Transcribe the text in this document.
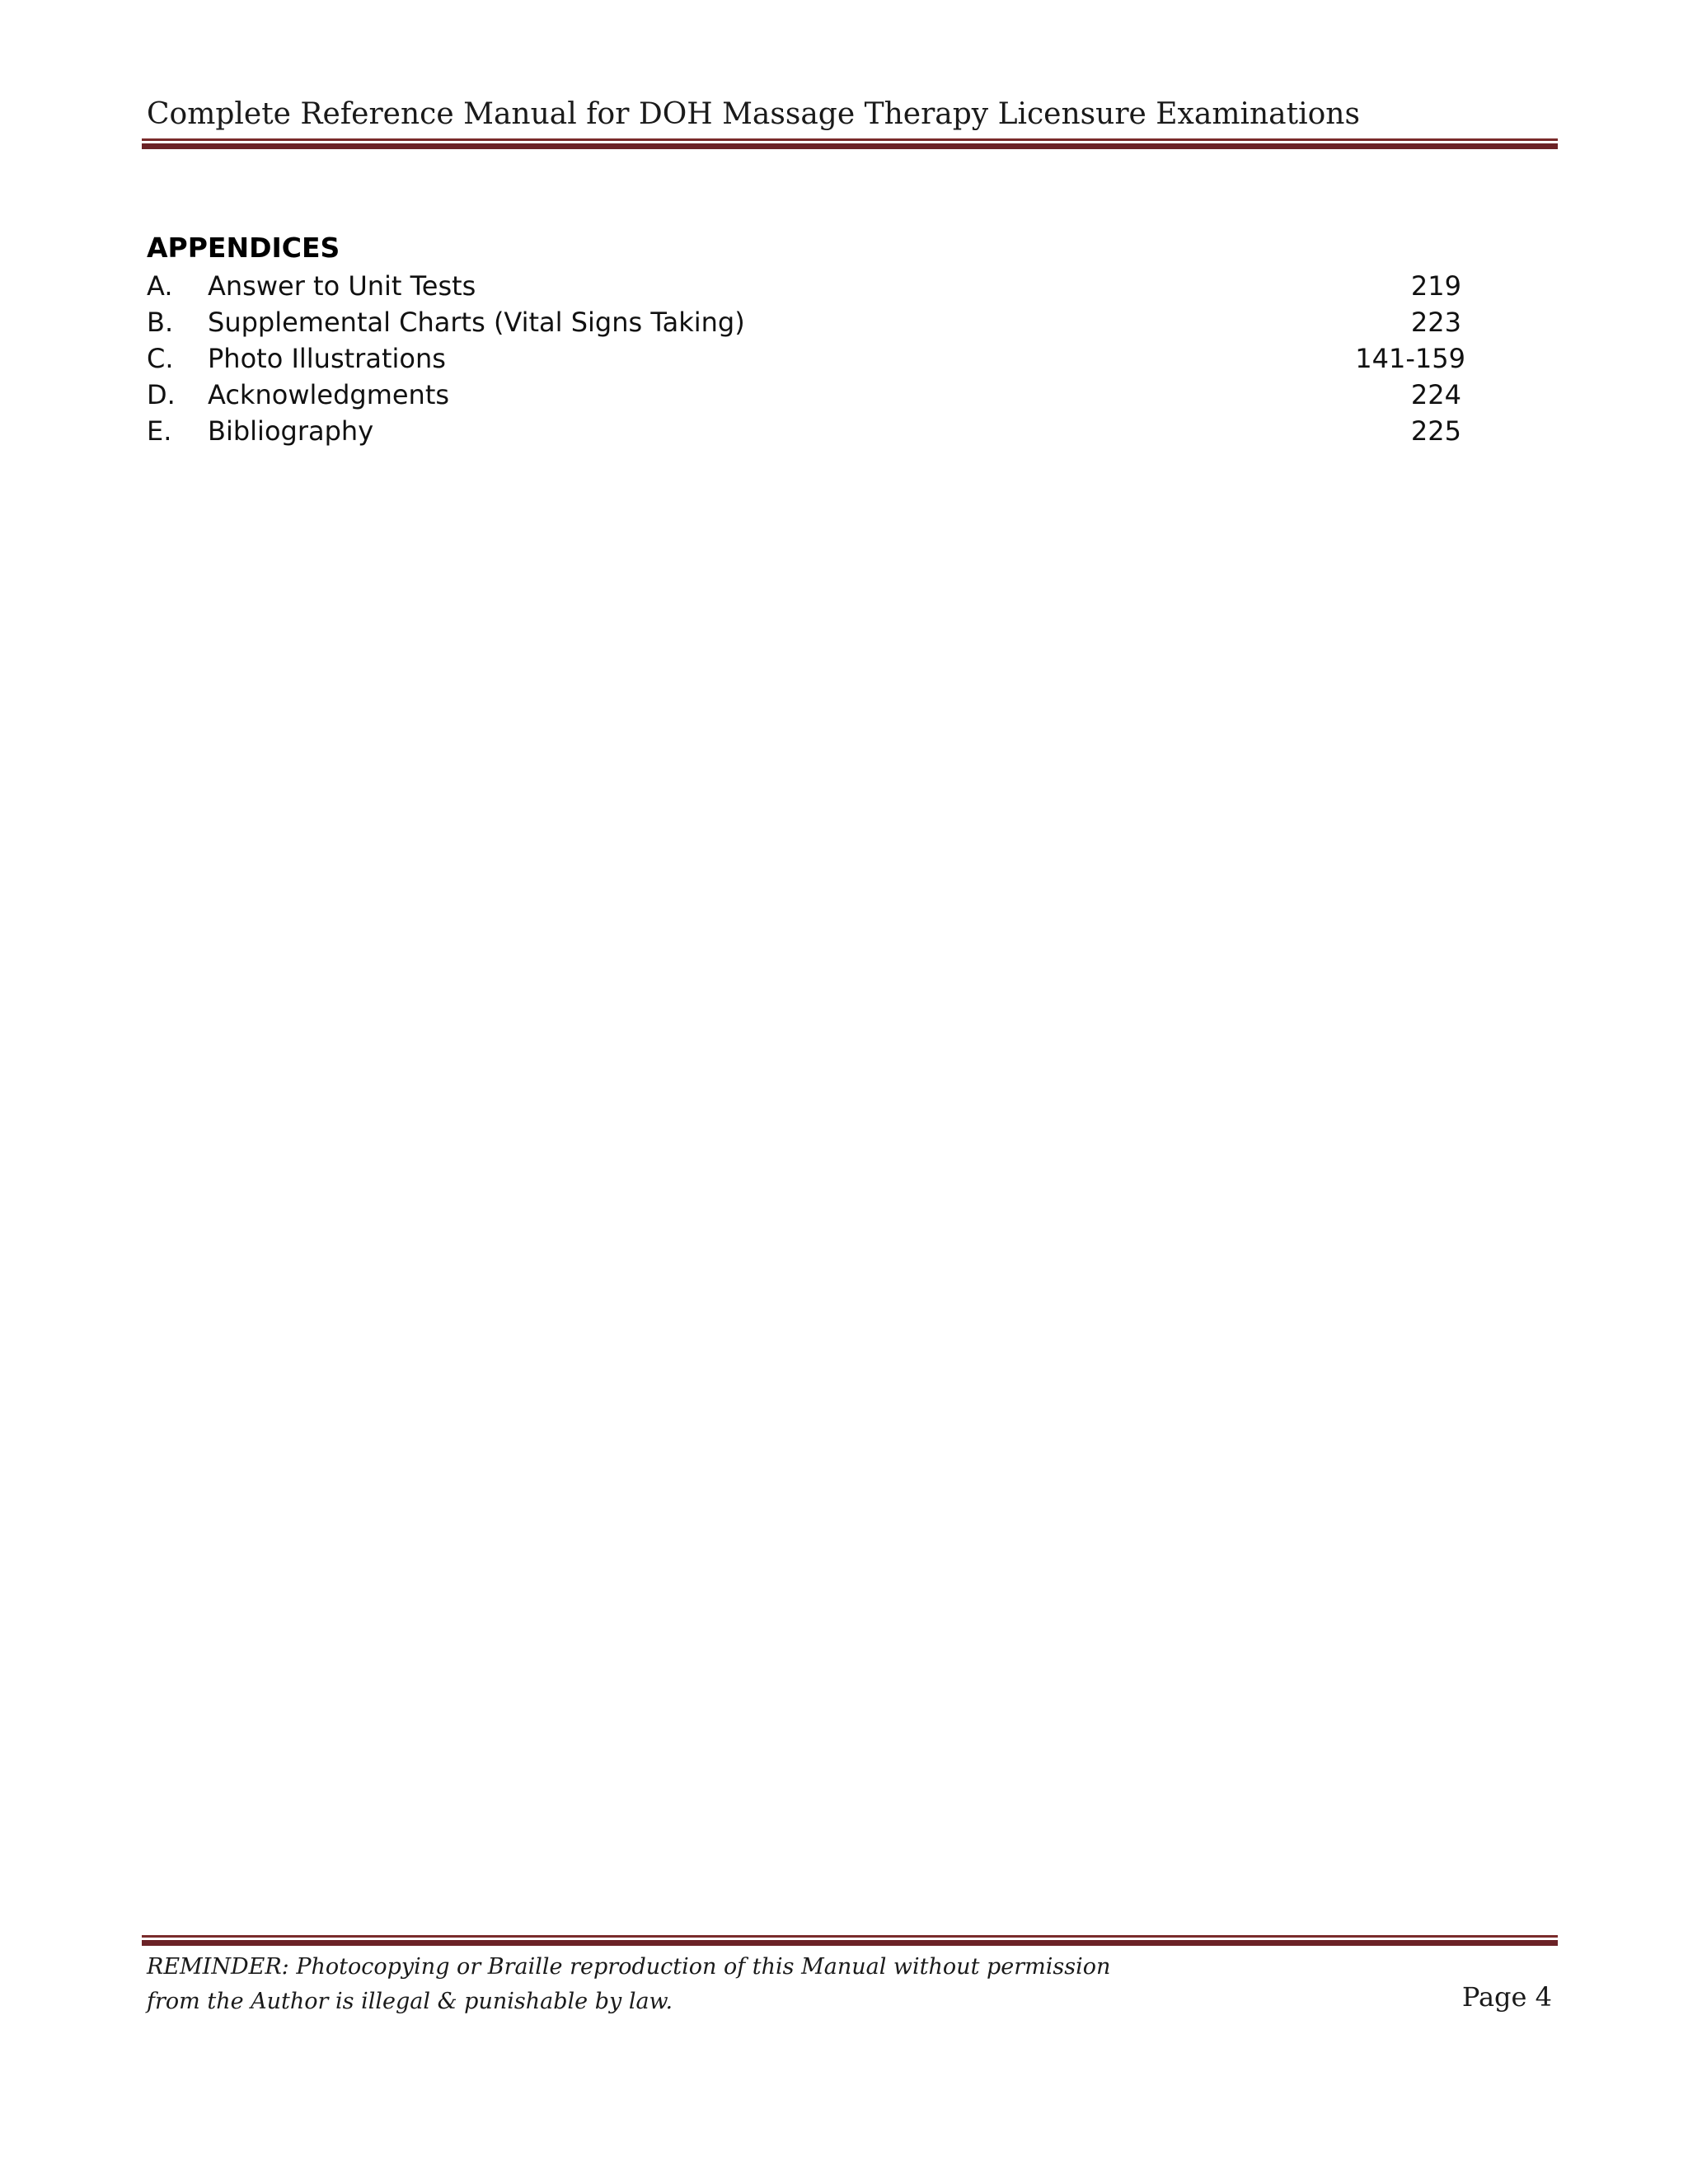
Complete Reference Manual for DOH Massage Therapy Licensure Examinations
APPENDICES
A. Answer to Unit Tests	219
B. Supplemental Charts (Vital Signs Taking)	223
C. Photo Illustrations	141-159
D. Acknowledgments	224
E. Bibliography	225
REMINDER: Photocopying or Braille reproduction of this Manual without permission
from the Author is illegal & punishable by law.	Page 4
